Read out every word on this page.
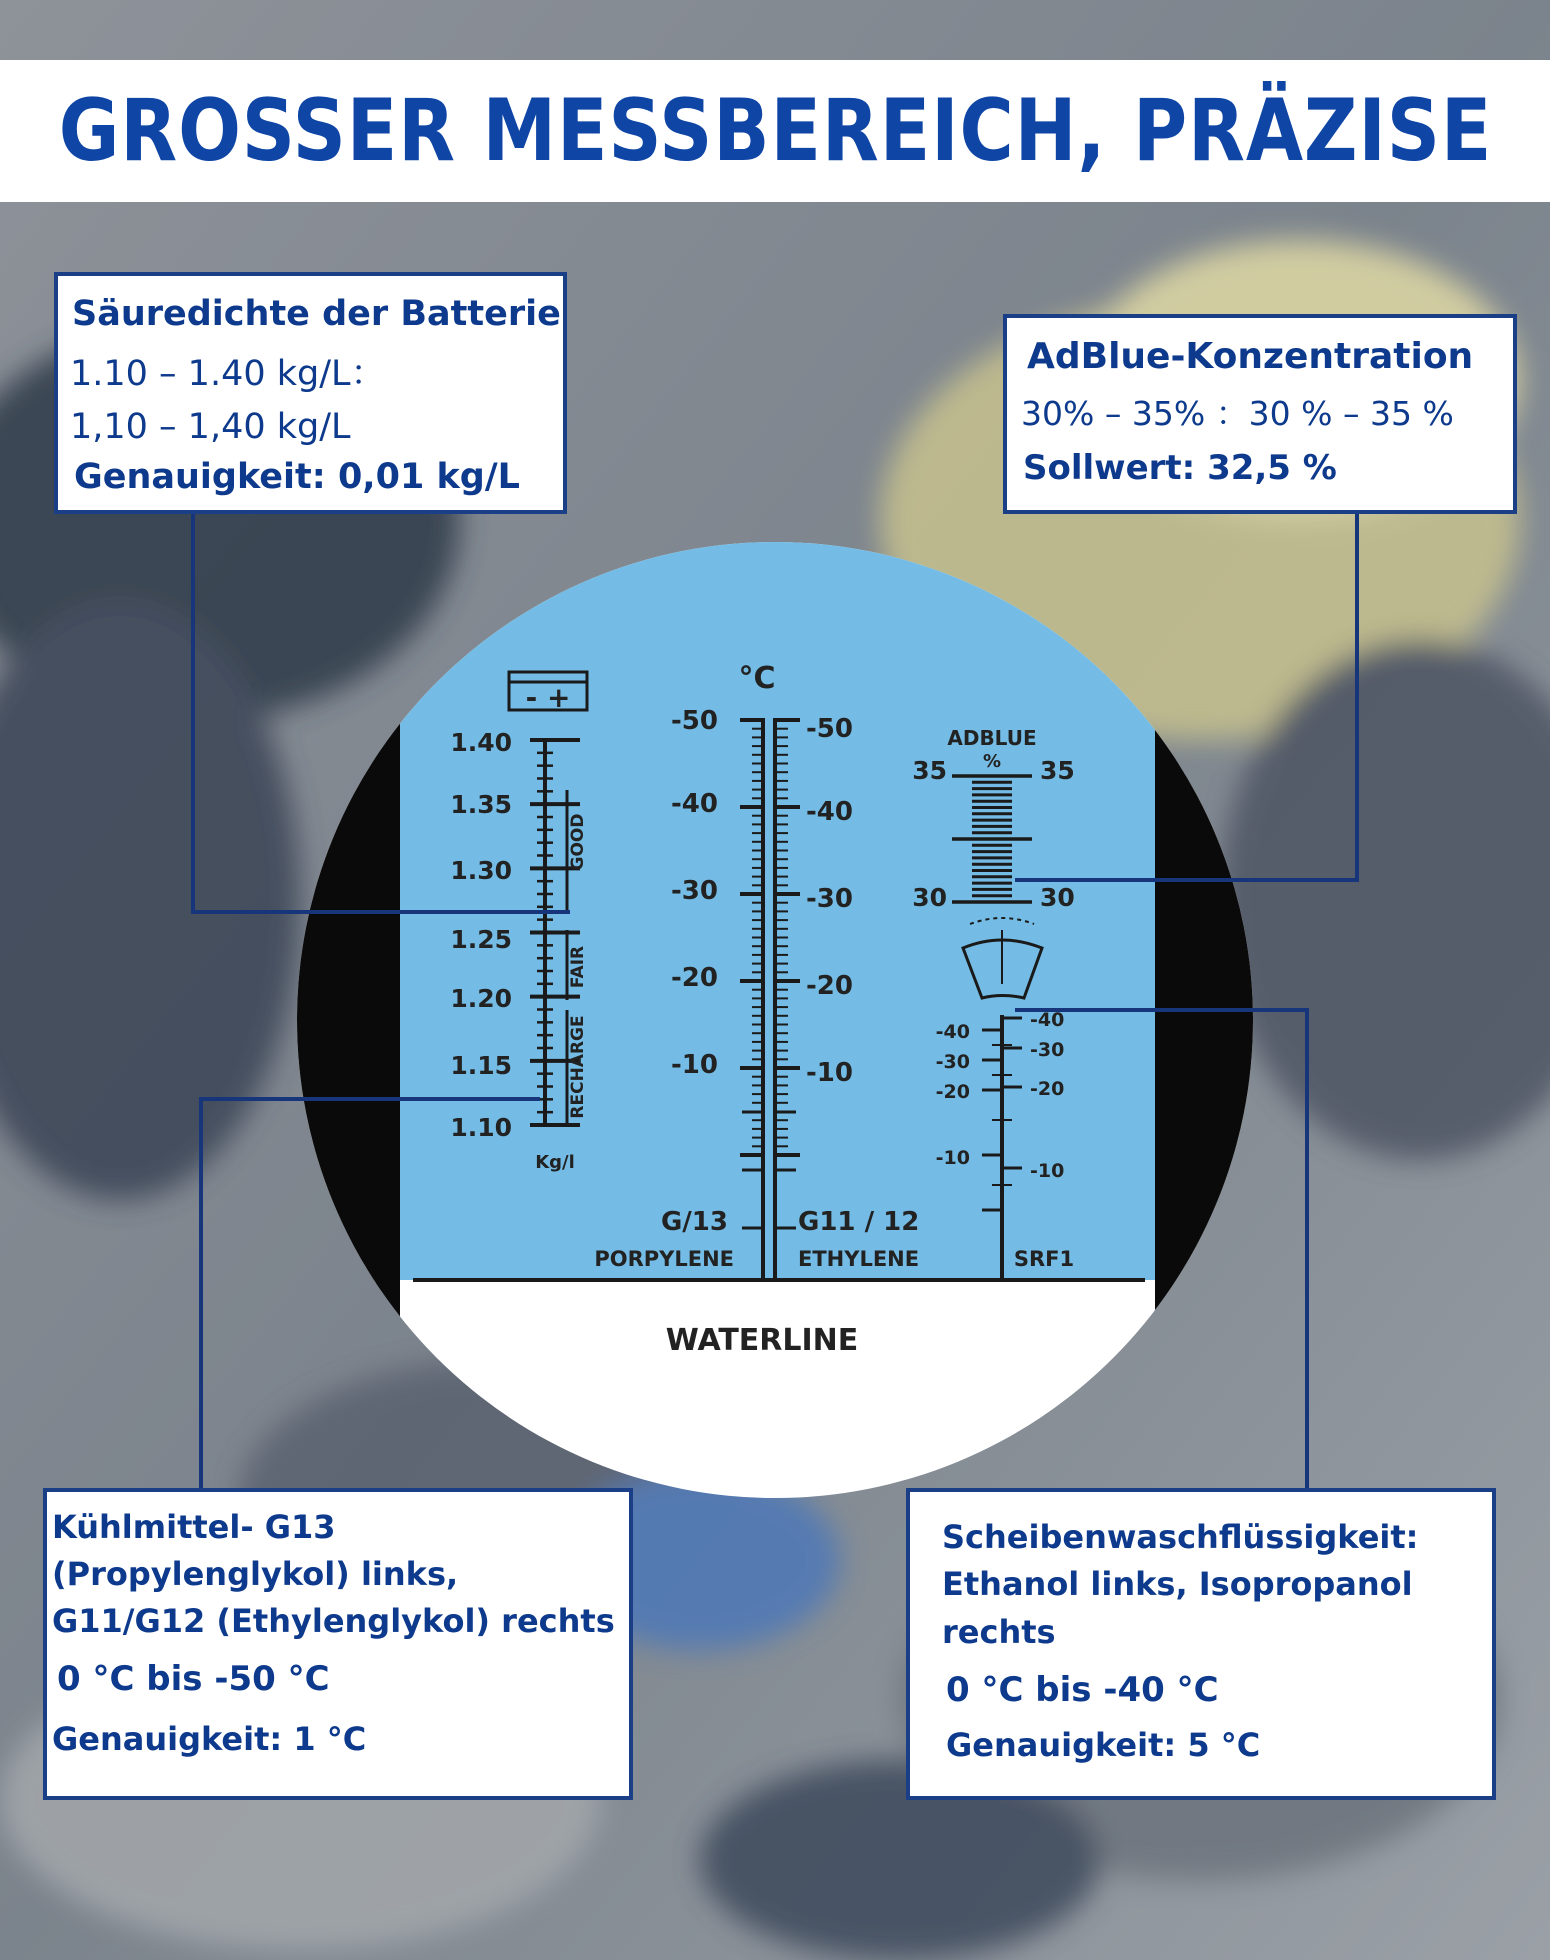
GROSSER MESSBEREICH, PRÄZISE
WATERLINE
- +
1.40
1.35
1.30
1.25
1.20
1.15
1.10
GOOD
FAIR
RECHARGE
Kg/l
°C
-50
-40
-30
-20
-10
-50
-40
-30
-20
-10
G/13	G11 / 12
PORPYLENE	ETHYLENE
ADBLUE
%
35	35
30	30
-40
-30
-20
-10
-40
-30
-20
-10
SRF1
Säuredichte der Batterie
1.10 – 1.40 kg/L：
1,10 – 1,40 kg/L
Genauigkeit: 0,01 kg/L
AdBlue-Konzentration
30% – 35% ：30 % – 35 %
Sollwert: 32,5 %
Kühlmittel- G13
(Propylenglykol) links,
G11/G12 (Ethylenglykol) rechts
0 °C bis -50 °C
Genauigkeit: 1 °C
Scheibenwaschflüssigkeit:
Ethanol links, Isopropanol
rechts
0 °C bis -40 °C
Genauigkeit: 5 °C
